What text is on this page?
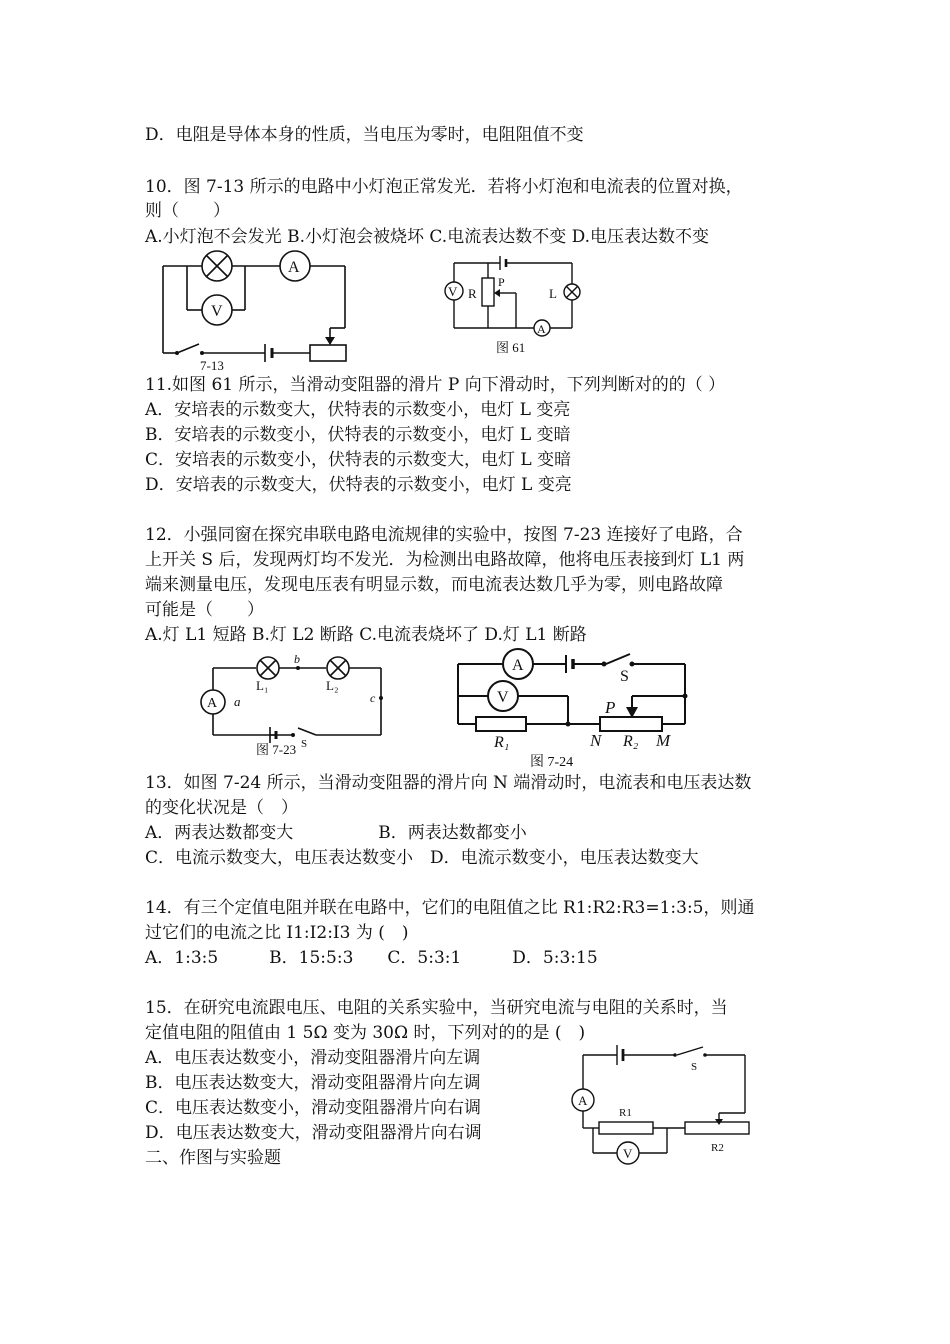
D．电阻是导体本身的性质，当电压为零时，电阻阻值不变
10．图 7-13 所示的电路中小灯泡正常发光．若将小灯泡和电流表的位置对换，
则（　　）
A.小灯泡不会发光 B.小灯泡会被烧坏 C.电流表达数不变 D.电压表达数不变
A
V
7-13
V R
P
L
A
图 61
11.如图 61 所示，当滑动变阻器的滑片 P 向下滑动时，下列判断对的的（ ）
A．安培表的示数变大，伏特表的示数变小，电灯 L 变亮
B．安培表的示数变小，伏特表的示数变小，电灯 L 变暗
C．安培表的示数变小，伏特表的示数变大，电灯 L 变暗
D．安培表的示数变大，伏特表的示数变小，电灯 L 变亮
12．小强同窗在探究串联电路电流规律的实验中，按图 7-23 连接好了电路，合
上开关 S 后，发现两灯均不发光．为检测出电路故障，他将电压表接到灯 L1 两
端来测量电压，发现电压表有明显示数，而电流表达数几乎为零，则电路故障
可能是（　　）
A.灯 L1 短路 B.灯 L2 断路 C.电流表烧坏了 D.灯 L1 断路
A a
b
c
L₁	L₂
S
图 7-23
A
V
S
P
R₁	N R₂ M
图 7-24
13．如图 7-24 所示，当滑动变阻器的滑片向 N 端滑动时，电流表和电压表达数
的变化状况是（　）
A．两表达数都变大　　　　　B．两表达数都变小
C．电流示数变大，电压表达数变小　D．电流示数变小，电压表达数变大
14．有三个定值电阻并联在电路中，它们的电阻值之比 R1:R2:R3=1:3:5，则通
过它们的电流之比 I1:I2:I3 为 (　)
A．1:3:5　　　B．15:5:3　　C．5:3:1　　　D．5:3:15
15．在研究电流跟电压、电阻的关系实验中，当研究电流与电阻的关系时，当
定值电阻的阻值由 1 5Ω 变为 30Ω 时，下列对的的是 (　)
A．电压表达数变小，滑动变阻器滑片向左调
B．电压表达数变大，滑动变阻器滑片向左调
C．电压表达数变小，滑动变阻器滑片向右调
D．电压表达数变大，滑动变阻器滑片向右调
二、作图与实验题
A
V
S
R1
R2
